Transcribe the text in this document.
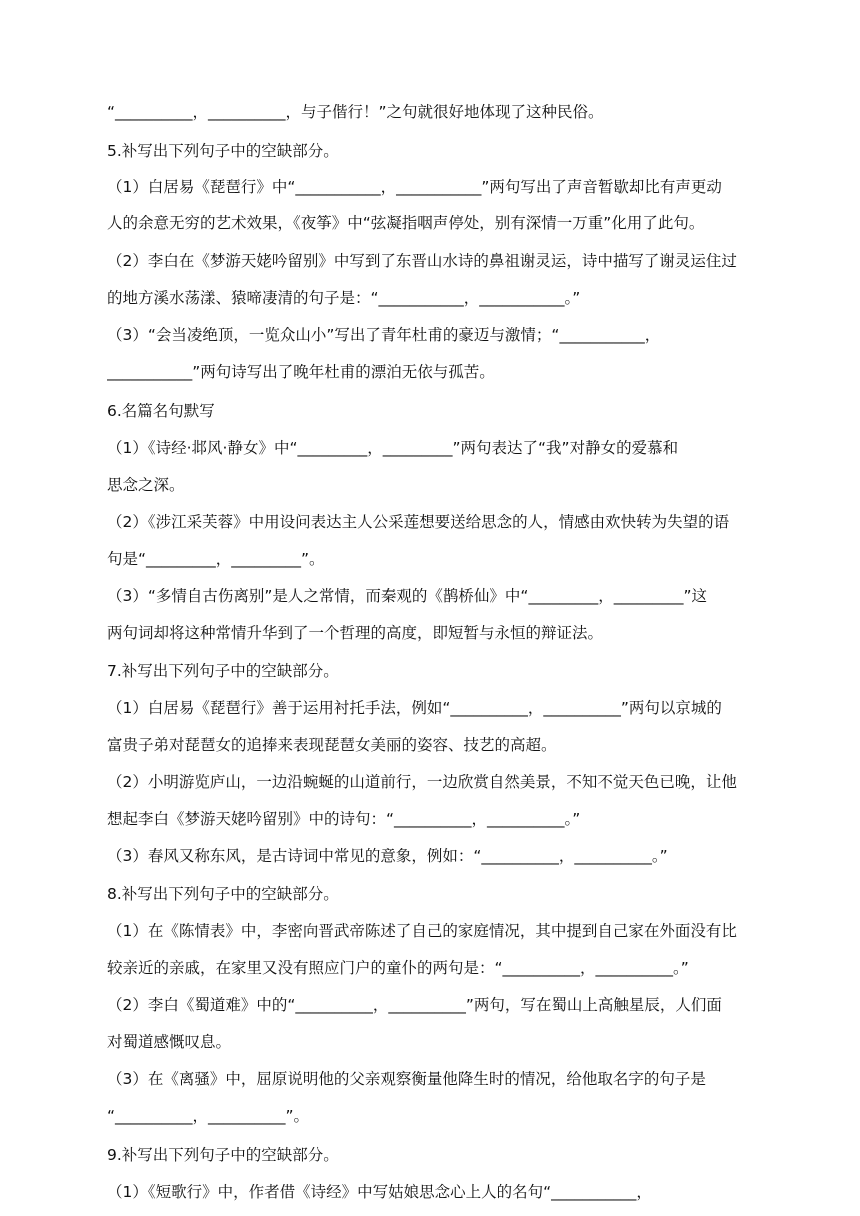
“__________，__________，与子偕行！”之句就很好地体现了这种民俗。
5.补写出下列句子中的空缺部分。
（1）白居易《琵琶行》中“___________，___________”两句写出了声音暂歇却比有声更动
人的余意无穷的艺术效果，《夜筝》中“弦凝指咽声停处，别有深情一万重”化用了此句。
（2）李白在《梦游天姥吟留别》中写到了东晋山水诗的鼻祖谢灵运，诗中描写了谢灵运住过
的地方溪水荡漾、猿啼凄清的句子是：“___________，___________。”
（3）“会当凌绝顶，一览众山小”写出了青年杜甫的豪迈与激情；“___________，
___________”两句诗写出了晚年杜甫的漂泊无依与孤苦。
6.名篇名句默写
（1）《诗经·邶风·静女》中“_________，_________”两句表达了“我”对静女的爱慕和
思念之深。
（2）《涉江采芙蓉》中用设问表达主人公采莲想要送给思念的人，情感由欢快转为失望的语
句是“_________，_________”。
（3）“多情自古伤离别”是人之常情，而秦观的《鹊桥仙》中“_________，_________”这
两句词却将这种常情升华到了一个哲理的高度，即短暂与永恒的辩证法。
7.补写出下列句子中的空缺部分。
（1）白居易《琵琶行》善于运用衬托手法，例如“__________，__________”两句以京城的
富贵子弟对琵琶女的追捧来表现琵琶女美丽的姿容、技艺的高超。
（2）小明游览庐山，一边沿蜿蜒的山道前行，一边欣赏自然美景，不知不觉天色已晚，让他
想起李白《梦游天姥吟留别》中的诗句：“__________，__________。”
（3）春风又称东风，是古诗词中常见的意象，例如：“__________，__________。”
8.补写出下列句子中的空缺部分。
（1）在《陈情表》中，李密向晋武帝陈述了自己的家庭情况，其中提到自己家在外面没有比
较亲近的亲戚，在家里又没有照应门户的童仆的两句是：“__________，__________。”
（2）李白《蜀道难》中的“__________，__________”两句，写在蜀山上高触星辰，人们面
对蜀道感慨叹息。
（3）在《离骚》中，屈原说明他的父亲观察衡量他降生时的情况，给他取名字的句子是
“__________，__________”。
9.补写出下列句子中的空缺部分。
（1）《短歌行》中，作者借《诗经》中写姑娘思念心上人的名句“___________，
